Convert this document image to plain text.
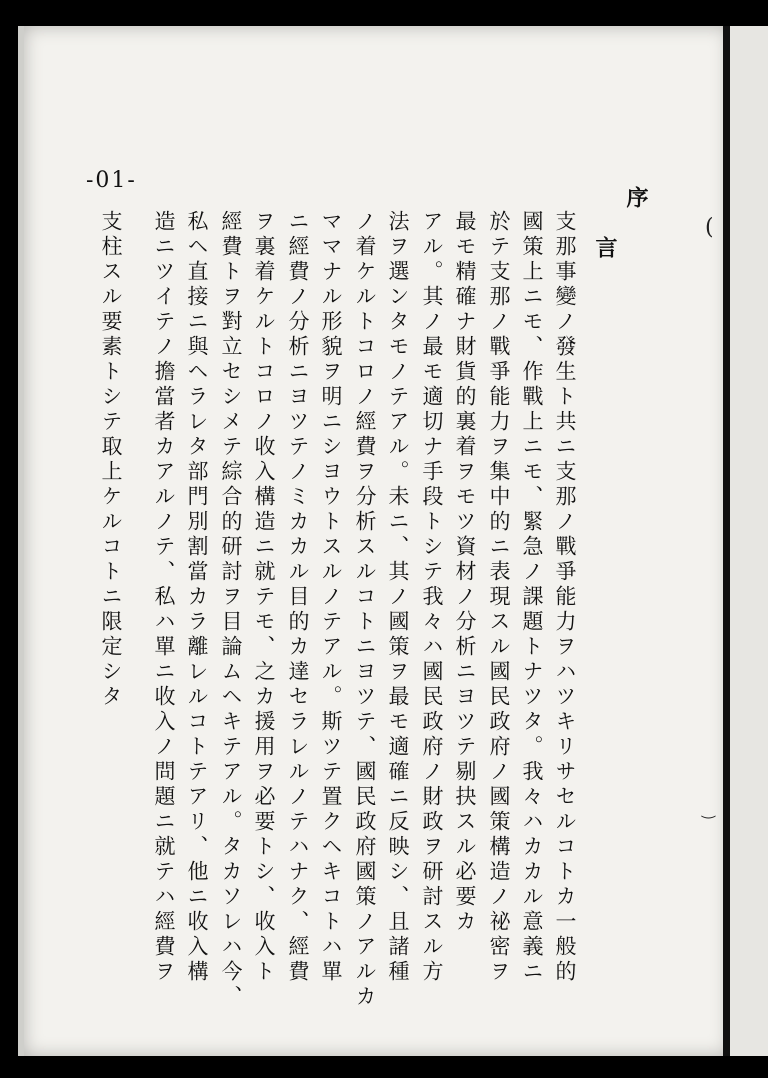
-01-
序
言
支那事變ノ發生ト共ニ支那ノ戰爭能力ヲハツキリサセルコトカ一般的
國策上ニモ、作戰上ニモ、緊急ノ課題トナツタ。我々ハカカル意義ニ
於テ支那ノ戰爭能力ヲ集中的ニ表現スル國民政府ノ國策構造ノ祕密ヲ
最モ精確ナ財貨的裏着ヲモツ資材ノ分析ニヨツテ剔抉スル必要カ
アル。其ノ最モ適切ナ手段トシテ我々ハ國民政府ノ財政ヲ研討スル方
法ヲ選ンタモノテアル。未ニ、其ノ國策ヲ最モ適確ニ反映シ、且諸種
ノ着ケルトコロノ經費ヲ分析スルコトニヨツテ、國民政府國策ノアルカ
ママナル形貌ヲ明ニシヨウトスルノテアル。斯ツテ置クヘキコトハ單
ニ經費ノ分析ニヨツテノミカカル目的カ達セラレルノテハナク、經費
ヲ裏着ケルトコロノ收入構造ニ就テモ、之カ援用ヲ必要トシ、收入ト
經費トヲ對立セシメテ綜合的研討ヲ目論ムヘキテアル。タカソレハ今、
私ヘ直接ニ與ヘラレタ部門別割當カラ離レルコトテアリ、他ニ收入構
造ニツイテノ擔當者カアルノテ、私ハ單ニ收入ノ問題ニ就テハ經費ヲ
支柱スル要素トシテ取上ケルコトニ限定シタ	(
‿
